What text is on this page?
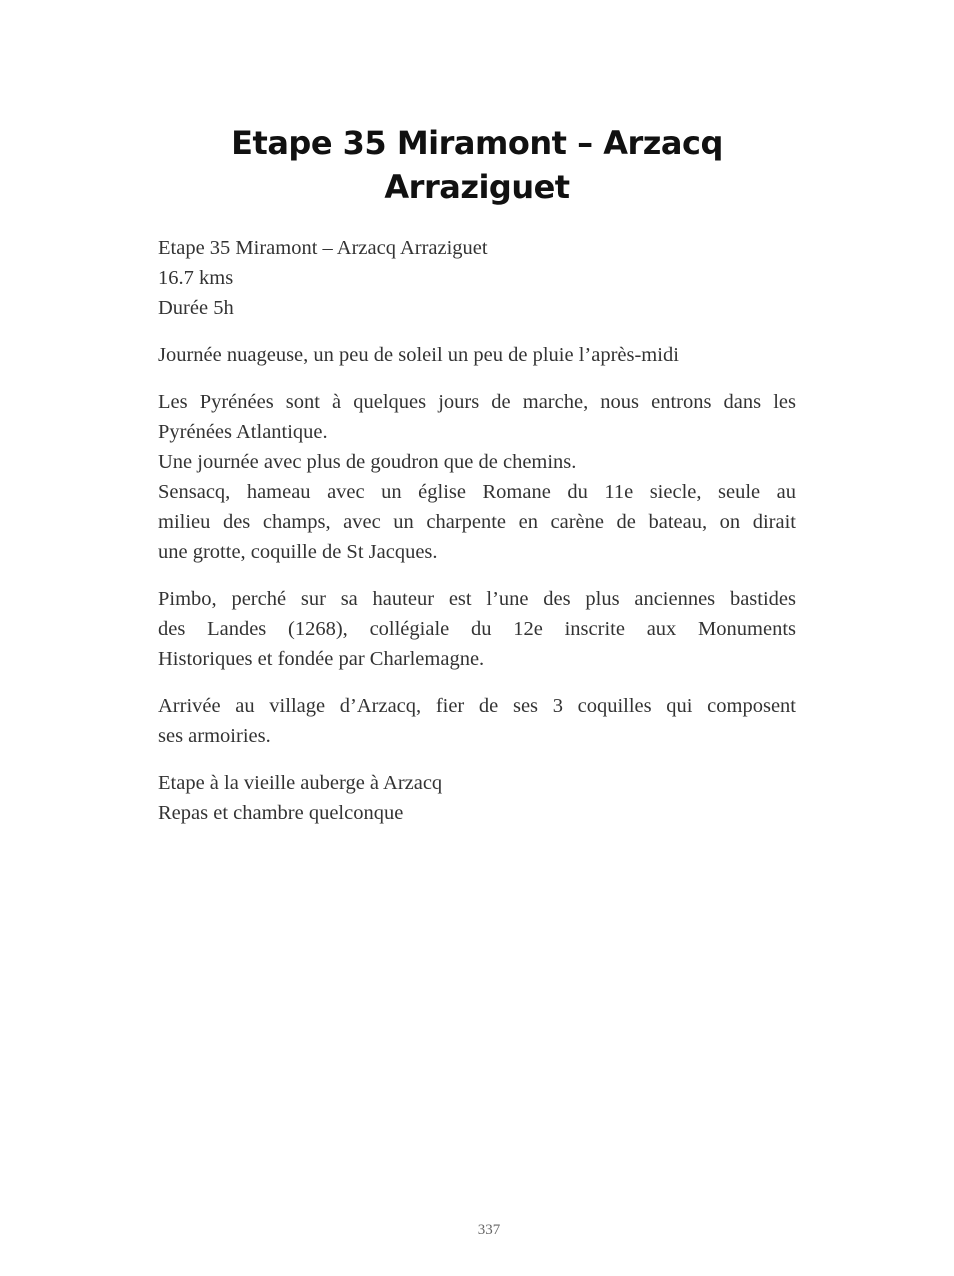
Etape 35 Miramont – Arzacq
Arraziguet

Etape 35 Miramont – Arzacq Arraziguet
16.7 kms
Durée 5h

Journée nuageuse, un peu de soleil un peu de pluie l’après-midi

Les Pyrénées sont à quelques jours de marche, nous entrons dans les
Pyrénées Atlantique.
Une journée avec plus de goudron que de chemins.
Sensacq, hameau avec un église Romane du 11e siecle, seule au
milieu des champs, avec un charpente en carène de bateau, on dirait
une grotte, coquille de St Jacques.

Pimbo, perché sur sa hauteur est l’une des plus anciennes bastides
des Landes (1268), collégiale du 12e inscrite aux Monuments
Historiques et fondée par Charlemagne.

Arrivée au village d’Arzacq, fier de ses 3 coquilles qui composent
ses armoiries.

Etape à la vieille auberge à Arzacq
Repas et chambre quelconque

337
